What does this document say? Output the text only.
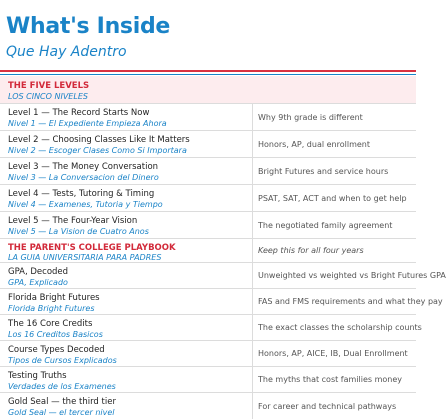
What's Inside
Que Hay Adentro
THE FIVE LEVELS
LOS CINCO NIVELES
Level 1 — The Record Starts Now
Nivel 1 — El Expediente Empieza Ahora
Why 9th grade is different
Level 2 — Choosing Classes Like It Matters
Nivel 2 — Escoger Clases Como Si Importara
Honors, AP, dual enrollment
Level 3 — The Money Conversation
Nivel 3 — La Conversacion del Dinero
Bright Futures and service hours
Level 4 — Tests, Tutoring & Timing
Nivel 4 — Examenes, Tutoria y Tiempo
PSAT, SAT, ACT and when to get help
Level 5 — The Four-Year Vision
Nivel 5 — La Vision de Cuatro Anos
The negotiated family agreement
THE PARENT'S COLLEGE PLAYBOOK
LA GUIA UNIVERSITARIA PARA PADRES
Keep this for all four years
GPA, Decoded
GPA, Explicado
Unweighted vs weighted vs Bright Futures GPA
Florida Bright Futures
Florida Bright Futures
FAS and FMS requirements and what they pay
The 16 Core Credits
Los 16 Creditos Basicos
The exact classes the scholarship counts
Course Types Decoded
Tipos de Cursos Explicados
Honors, AP, AICE, IB, Dual Enrollment
Testing Truths
Verdades de los Examenes
The myths that cost families money
Gold Seal — the third tier
Gold Seal — el tercer nivel
For career and technical pathways
